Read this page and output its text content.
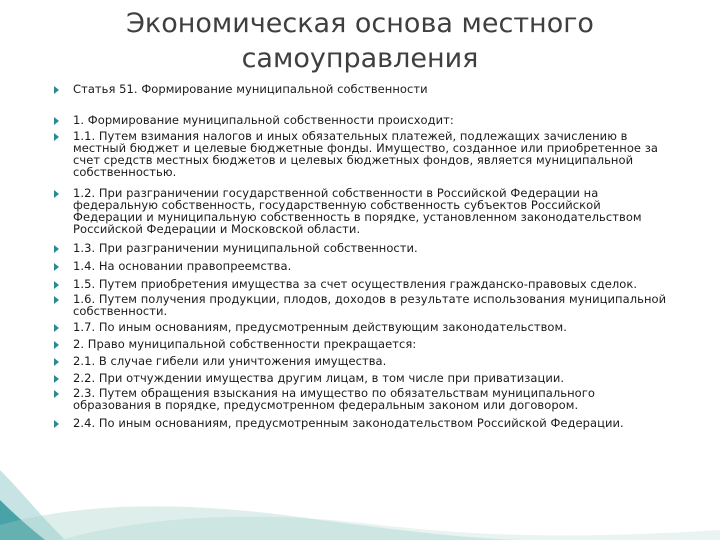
Экономическая основа местного самоуправления
Статья 51. Формирование муниципальной собственности
1. Формирование муниципальной собственности происходит:
1.1. Путем взимания налогов и иных обязательных платежей, подлежащих зачислению в местный бюджет и целевые бюджетные фонды. Имущество, созданное или приобретенное за счет средств местных бюджетов и целевых бюджетных фондов, является муниципальной собственностью.
1.2. При разграничении государственной собственности в Российской Федерации на федеральную собственность, государственную собственность субъектов Российской Федерации и муниципальную собственность в порядке, установленном законодательством Российской Федерации и Московской области.
1.3. При разграничении муниципальной собственности.
1.4. На основании правопреемства.
1.5. Путем приобретения имущества за счет осуществления гражданско-правовых сделок.
1.6. Путем получения продукции, плодов, доходов в результате использования муниципальной собственности.
1.7. По иным основаниям, предусмотренным действующим законодательством.
2. Право муниципальной собственности прекращается:
2.1. В случае гибели или уничтожения имущества.
2.2. При отчуждении имущества другим лицам, в том числе при приватизации.
2.3. Путем обращения взыскания на имущество по обязательствам муниципального образования в порядке, предусмотренном федеральным законом или договором.
2.4. По иным основаниям, предусмотренным законодательством Российской Федерации.
